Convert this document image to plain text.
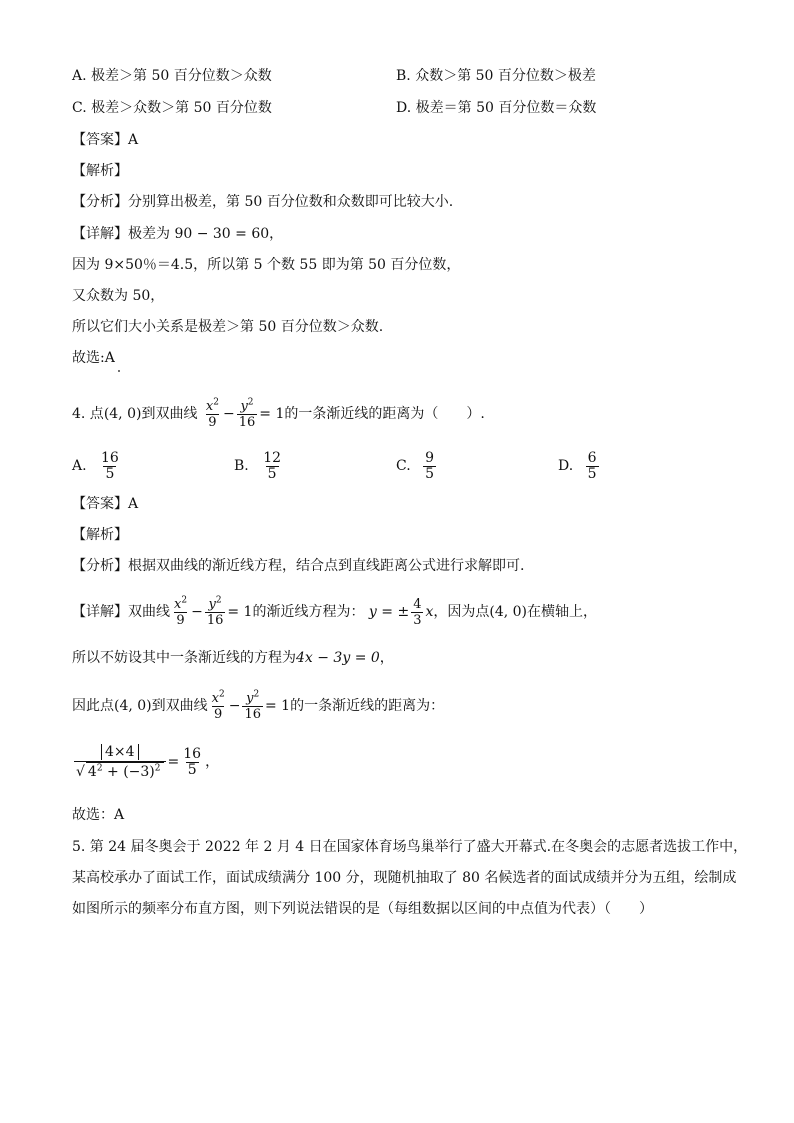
A. 极差＞第 50 百分位数＞众数	B. 众数＞第 50 百分位数＞极差
C. 极差＞众数＞第 50 百分位数	D. 极差＝第 50 百分位数＝众数
【答案】A
【解析】
【分析】分别算出极差，第 50 百分位数和众数即可比较大小.
【详解】极差为 90 − 30 = 60，
因为 9×50％＝4.5，所以第 5 个数 55 即为第 50 百分位数，
又众数为 50，
所以它们大小关系是极差＞第 50 百分位数＞众数.
故选:A
4. 点(4, 0)到双曲线 $\frac{x^2}{9} - \frac{y^2}{16} = 1$的一条渐近线的距离为（　　）.
A. $\frac{16}{5}$	B. $\frac{12}{5}$	C. $\frac{9}{5}$	D. $\frac{6}{5}$
【答案】A
【解析】
【分析】根据双曲线的渐近线方程，结合点到直线距离公式进行求解即可.
【详解】双曲线 $\frac{x^2}{9} - \frac{y^2}{16} = 1$的渐近线方程为： y = ± $\frac{4}{3}$ x，因为点(4, 0)在横轴上，
所以不妨设其中一条渐近线的方程为4x − 3y = 0，
因此点(4, 0)到双曲线 $\frac{x^2}{9} - \frac{y^2}{16} = 1$的一条渐近线的距离为：
$\frac{4\times 4}{√ 4^2 + (-3)^2} = \frac{16}{5}$ ，
故选：A
5. 第 24 届冬奥会于 2022 年 2 月 4 日在国家体育场鸟巢举行了盛大开幕式.在冬奥会的志愿者选拔工作中，
某高校承办了面试工作，面试成绩满分 100 分，现随机抽取了 80 名候选者的面试成绩并分为五组，绘制成
如图所示的频率分布直方图，则下列说法错误的是（每组数据以区间的中点值为代表）（　　）
